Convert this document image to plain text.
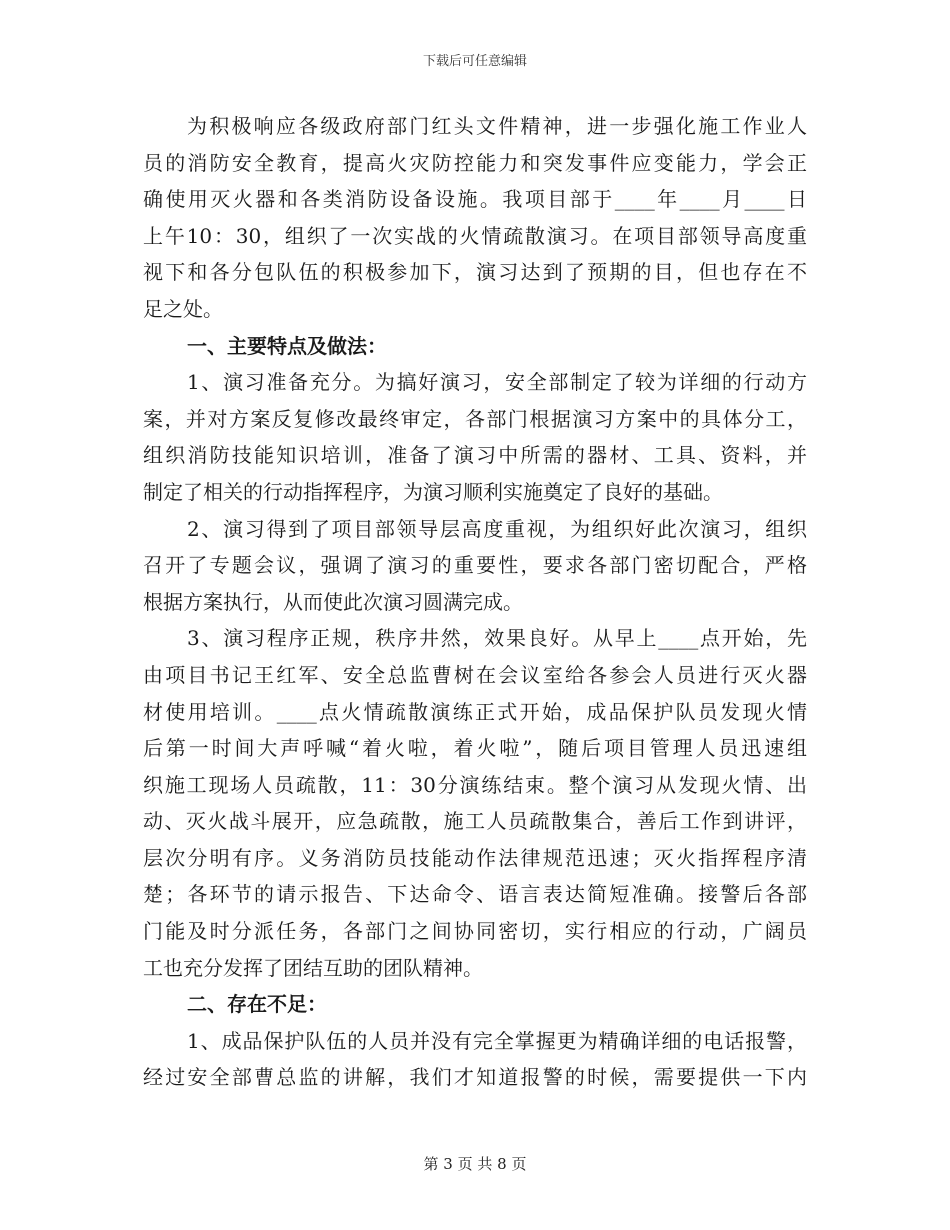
下载后可任意编辑
为积极响应各级政府部门红头文件精神，进一步强化施工作业人
员的消防安全教育，提高火灾防控能力和突发事件应变能力，学会正
确使用灭火器和各类消防设备设施。我项目部于____年____月____日
上午10：30，组织了一次实战的火情疏散演习。在项目部领导高度重
视下和各分包队伍的积极参加下，演习达到了预期的目，但也存在不
足之处。
一、主要特点及做法：
1、演习准备充分。为搞好演习，安全部制定了较为详细的行动方
案，并对方案反复修改最终审定，各部门根据演习方案中的具体分工，
组织消防技能知识培训，准备了演习中所需的器材、工具、资料，并
制定了相关的行动指挥程序，为演习顺利实施奠定了良好的基础。
2、演习得到了项目部领导层高度重视，为组织好此次演习，组织
召开了专题会议，强调了演习的重要性，要求各部门密切配合，严格
根据方案执行，从而使此次演习圆满完成。
3、演习程序正规，秩序井然，效果良好。从早上____点开始，先
由项目书记王红军、安全总监曹树在会议室给各参会人员进行灭火器
材使用培训。____点火情疏散演练正式开始，成品保护队员发现火情
后第一时间大声呼喊“着火啦，着火啦”，随后项目管理人员迅速组
织施工现场人员疏散，11：30分演练结束。整个演习从发现火情、出
动、灭火战斗展开，应急疏散，施工人员疏散集合，善后工作到讲评，
层次分明有序。义务消防员技能动作法律规范迅速；灭火指挥程序清
楚；各环节的请示报告、下达命令、语言表达简短准确。接警后各部
门能及时分派任务，各部门之间协同密切，实行相应的行动，广阔员
工也充分发挥了团结互助的团队精神。
二、存在不足：
1、成品保护队伍的人员并没有完全掌握更为精确详细的电话报警，
经过安全部曹总监的讲解，我们才知道报警的时候，需要提供一下内
第 3 页 共 8 页
